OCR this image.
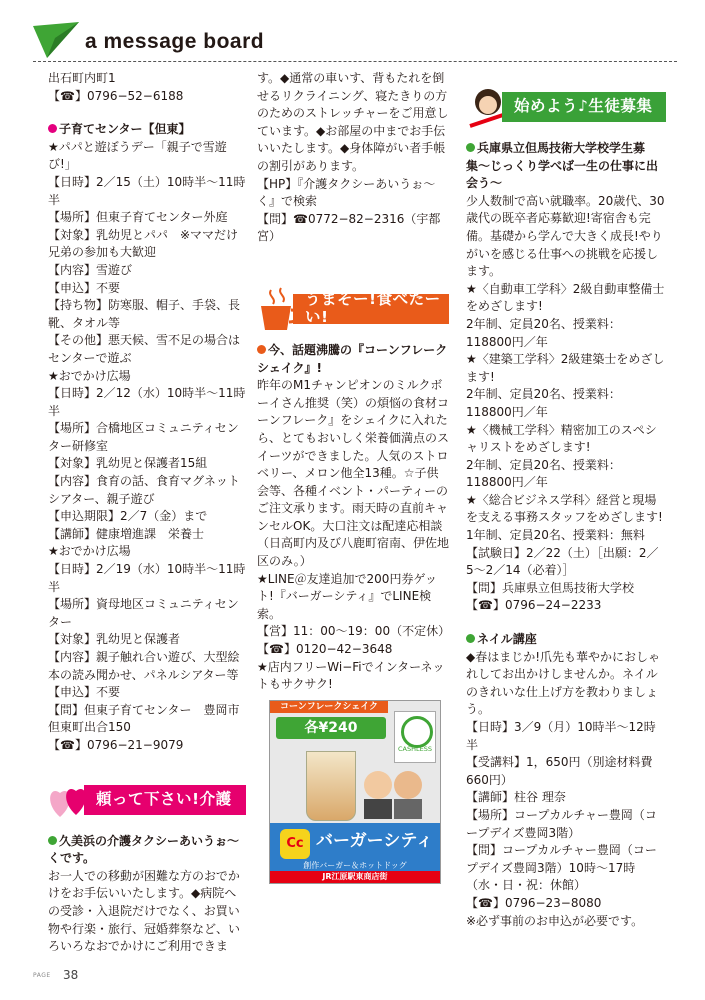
a message board

出石町内町1

【☎】0796−52−6188

子育てセンター【但東】

★パパと遊ぼうデー「親子で雪遊び!」

【日時】2／15（土）10時半〜11時半

【場所】但東子育てセンター外庭

【対象】乳幼児とパパ　※ママだけ兄弟の参加も大歓迎

【内容】雪遊び

【申込】不要

【持ち物】防寒服、帽子、手袋、長靴、タオル等

【その他】悪天候、雪不足の場合はセンターで遊ぶ

★おでかけ広場

【日時】2／12（水）10時半〜11時半

【場所】合橋地区コミュニティセンター研修室

【対象】乳幼児と保護者15組

【内容】食育の話、食育マグネットシアター、親子遊び

【申込期限】2／7（金）まで

【講師】健康増進課　栄養士

★おでかけ広場

【日時】2／19（水）10時半〜11時半

【場所】資母地区コミュニティセンター

【対象】乳幼児と保護者

【内容】親子触れ合い遊び、大型絵本の読み聞かせ、パネルシアター等

【申込】不要

【問】但東子育てセンター　豊岡市但東町出合150

【☎】0796−21−9079

頼って下さい!介護

久美浜の介護タクシーあいうぉ〜くです。

お一人での移動が困難な方のおでかけをお手伝いいたします。◆病院への受診・入退院だけでなく、お買い物や行楽・旅行、冠婚葬祭など、いろいろなおでかけにご利用できま

す。◆通常の車いす、背もたれを倒せるリクライニング、寝たきりの方のためのストレッチャーをご用意しています。◆お部屋の中までお手伝いいたします。◆身体障がい者手帳の割引があります。

【HP】『介護タクシーあいうぉ〜く』で検索

【問】☎0772−82−2316（宇都宮）

うまそー!食べたーい!

今、話題沸騰の『コーンフレークシェイク』!

昨年のM1チャンピオンのミルクボーイさん推奨（笑）の煩悩の食材コーンフレーク』をシェイクに入れたら、とてもおいしく栄養価満点のスイーツができました。人気のストロベリー、メロン他全13種。☆子供会等、各種イベント・パーティーのご注文承ります。雨天時の直前キャンセルOK。大口注文は配達応相談（日高町内及び八鹿町宿南、伊佐地区のみ。）

★LINE＠友達追加で200円券ゲット!『バーガーシティ』でLINE検索。

【営】11：00〜19：00（不定休）

【☎】0120−42−3648

★店内フリーWi−Fiでインターネットもサクサク!

コーンフレークシェイク
各¥240
CASHLESS
Cc バーガーシティ
創作バーガー＆ホットドッグ
JR江原駅東商店街
始めよう♪生徒募集

兵庫県立但馬技術大学校学生募集〜じっくり学べば一生の仕事に出会う〜

少人数制で高い就職率。20歳代、30歳代の既卒者応募歓迎!寄宿舎も完備。基礎から学んで大きく成長!やりがいを感じる仕事への挑戦を応援します。

★〈自動車工学科〉2級自動車整備士をめざします!

2年制、定員20名、授業料：118800円／年

★〈建築工学科〉2級建築士をめざします!

2年制、定員20名、授業料：118800円／年

★〈機械工学科〉精密加工のスペシャリストをめざします!

2年制、定員20名、授業料：118800円／年

★〈総合ビジネス学科〉経営と現場を支える事務スタッフをめざします!

1年制、定員20名、授業料：無料

【試験日】2／22（土）［出願：2／5〜2／14（必着）］

【問】兵庫県立但馬技術大学校

【☎】0796−24−2233

ネイル講座

◆春はまじか!爪先も華やかにおしゃれしてお出かけしませんか。ネイルのきれいな仕上げ方を教わりましょう。

【日時】3／9（月）10時半〜12時半

【受講料】1，650円（別途材料費660円）

【講師】柱谷 理奈

【場所】コープカルチャー豊岡（コープデイズ豊岡3階）

【問】コープカルチャー豊岡（コープデイズ豊岡3階）10時〜17時（水・日・祝：休館）

【☎】0796−23−8080

※必ず事前のお申込が必要です。

PAGE 38
